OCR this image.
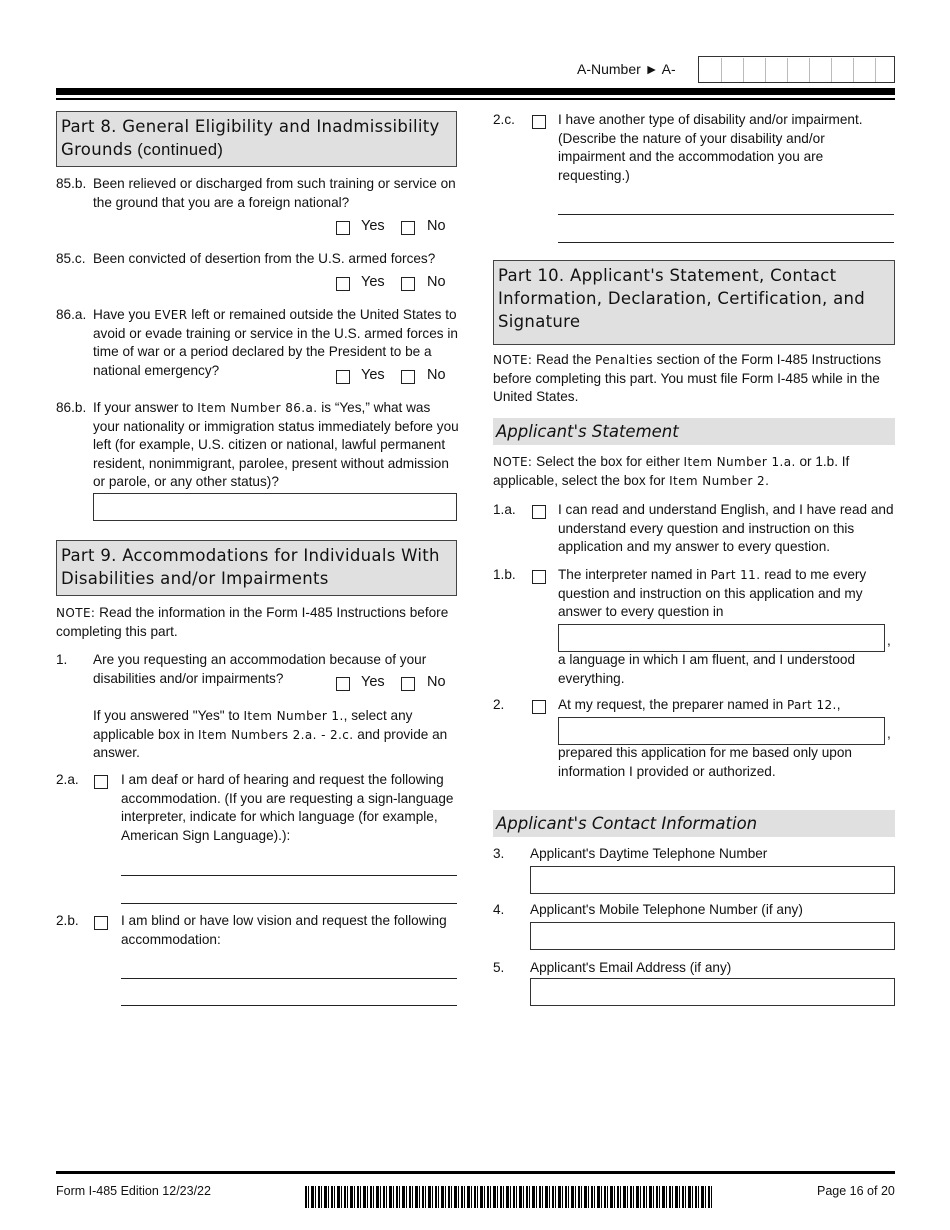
A-Number ► A-
Part 8. General Eligibility and Inadmissibility Grounds (continued)
85.b. Been relieved or discharged from such training or service on the ground that you are a foreign national?
Yes	No
85.c. Been convicted of desertion from the U.S. armed forces?
Yes	No
86.a. Have you EVER left or remained outside the United States to avoid or evade training or service in the U.S. armed forces in time of war or a period declared by the President to be a national emergency?	Yes	No
86.b. If your answer to Item Number 86.a. is “Yes,” what was your nationality or immigration status immediately before you left (for example, U.S. citizen or national, lawful permanent resident, nonimmigrant, parolee, present without admission or parole, or any other status)?
Part 9. Accommodations for Individuals With Disabilities and/or Impairments
NOTE: Read the information in the Form I-485 Instructions before completing this part.
1. Are you requesting an accommodation because of your disabilities and/or impairments?	Yes	No
If you answered "Yes" to Item Number 1., select any applicable box in Item Numbers 2.a. - 2.c. and provide an answer.
2.a.	I am deaf or hard of hearing and request the following accommodation. (If you are requesting a sign-language interpreter, indicate for which language (for example, American Sign Language).):
2.b.	I am blind or have low vision and request the following accommodation:
2.c.	I have another type of disability and/or impairment. (Describe the nature of your disability and/or impairment and the accommodation you are requesting.)
Part 10. Applicant's Statement, Contact Information, Declaration, Certification, and Signature
NOTE: Read the Penalties section of the Form I-485 Instructions before completing this part. You must file Form I-485 while in the United States.
Applicant's Statement
NOTE: Select the box for either Item Number 1.a. or 1.b. If applicable, select the box for Item Number 2.
1.a.	I can read and understand English, and I have read and understand every question and instruction on this application and my answer to every question.
1.b.	The interpreter named in Part 11. read to me every question and instruction on this application and my answer to every question in
,
a language in which I am fluent, and I understood everything.
2.	At my request, the preparer named in Part 12.,
,
prepared this application for me based only upon information I provided or authorized.
Applicant's Contact Information
3. Applicant's Daytime Telephone Number
4. Applicant's Mobile Telephone Number (if any)
5. Applicant's Email Address (if any)
Form I-485 Edition 12/23/22	Page 16 of 20
